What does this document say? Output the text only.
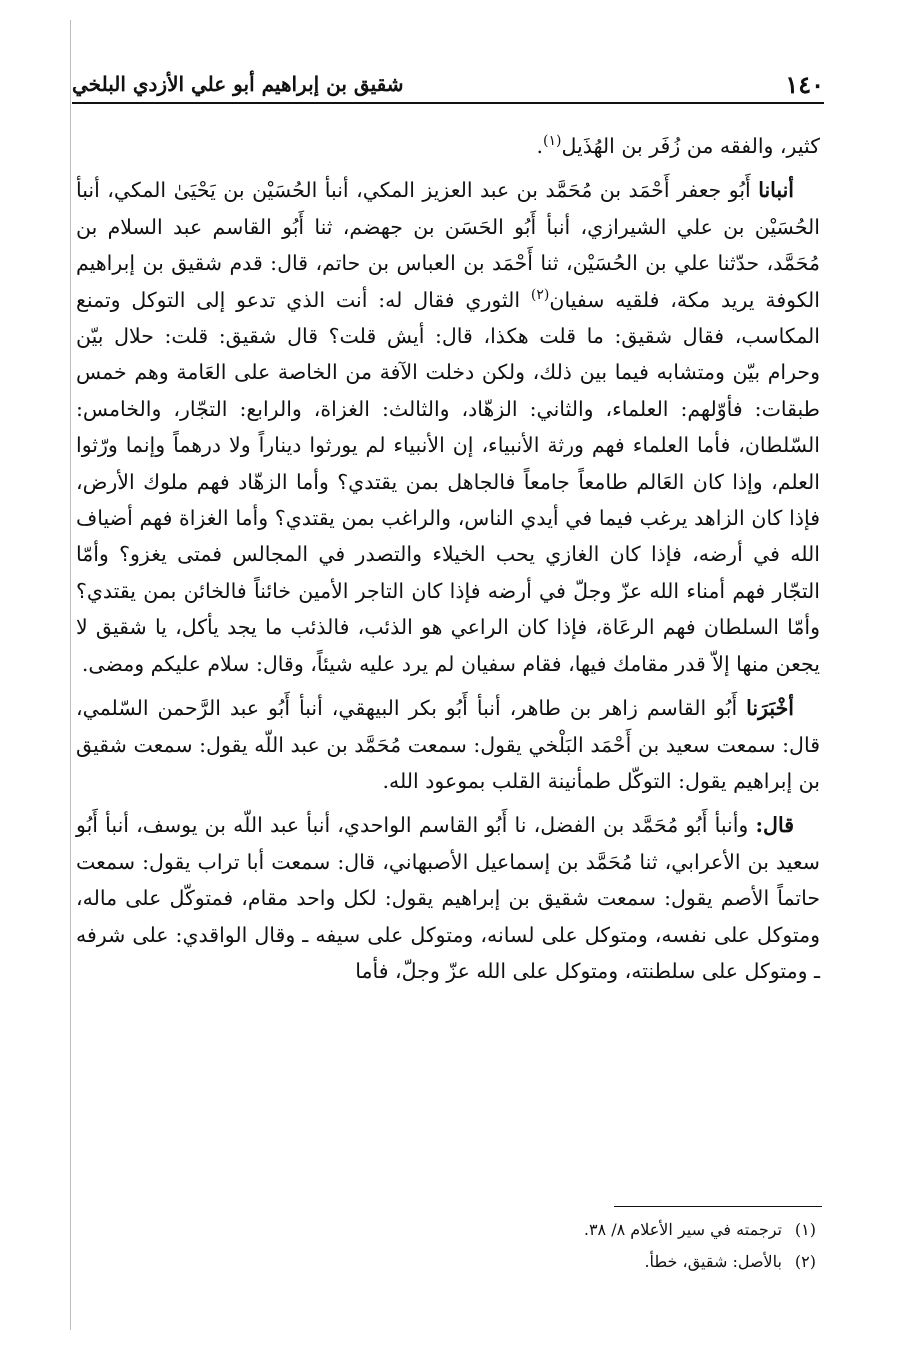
١٤٠
شقيق بن إبراهيم أبو علي الأزدي البلخي

كثير، والفقه من زُفَر بن الهُذَيل$^{(١)}$.

أنبانا أَبُو جعفر أَحْمَد بن مُحَمَّد بن عبد العزيز المكي، أنبأ الحُسَيْن بن يَحْيَىٰ المكي، أنبأ الحُسَيْن بن علي الشيرازي، أنبأ أَبُو الحَسَن بن جهضم، ثنا أَبُو القاسم عبد السلام بن مُحَمَّد، حدّثنا علي بن الحُسَيْن، ثنا أَحْمَد بن العباس بن حاتم، قال: قدم شقيق بن إبراهيم الكوفة يريد مكة، فلقيه سفيان$^{(٢)}$ الثوري فقال له: أنت الذي تدعو إلى التوكل وتمنع المكاسب، فقال شقيق: ما قلت هكذا، قال: أيش قلت؟ قال شقيق: قلت: حلال بيّن وحرام بيّن ومتشابه فيما بين ذلك، ولكن دخلت الآفة من الخاصة على العَامة وهم خمس طبقات: فأوّلهم: العلماء، والثاني: الزهّاد، والثالث: الغزاة، والرابع: التجّار، والخامس: السّلطان، فأما العلماء فهم ورثة الأنبياء، إن الأنبياء لم يورثوا ديناراً ولا درهماً وإنما ورّثوا العلم، وإذا كان العَالم طامعاً جامعاً فالجاهل بمن يقتدي؟ وأما الزهّاد فهم ملوك الأرض، فإذا كان الزاهد يرغب فيما في أيدي الناس، والراغب بمن يقتدي؟ وأما الغزاة فهم أضياف الله في أرضه، فإذا كان الغازي يحب الخيلاء والتصدر في المجالس فمتى يغزو؟ وأمّا التجّار فهم أمناء الله عزّ وجلّ في أرضه فإذا كان التاجر الأمين خائناً فالخائن بمن يقتدي؟ وأمّا السلطان فهم الرعَاة، فإذا كان الراعي هو الذئب، فالذئب ما يجد يأكل، يا شقيق لا يجعن منها إلاّ قدر مقامك فيها، فقام سفيان لم يرد عليه شيئاً، وقال: سلام عليكم ومضى.

أخْبَرَنا أَبُو القاسم زاهر بن طاهر، أنبأ أَبُو بكر البيهقي، أنبأ أَبُو عبد الرَّحمن السّلمي، قال: سمعت سعيد بن أَحْمَد البَلْخي يقول: سمعت مُحَمَّد بن عبد اللّه يقول: سمعت شقيق بن إبراهيم يقول: التوكّل طمأنينة القلب بموعود الله.

قال: وأنبأ أَبُو مُحَمَّد بن الفضل، نا أَبُو القاسم الواحدي، أنبأ عبد اللّه بن يوسف، أنبأ أَبُو سعيد بن الأعرابي، ثنا مُحَمَّد بن إسماعيل الأصبهاني، قال: سمعت أبا تراب يقول: سمعت حاتماً الأصم يقول: سمعت شقيق بن إبراهيم يقول: لكل واحد مقام، فمتوكّل على ماله، ومتوكل على نفسه، ومتوكل على لسانه، ومتوكل على سيفه ـ وقال الواقدي: على شرفه ـ ومتوكل على سلطنته، ومتوكل على الله عزّ وجلّ، فأما

(١)ترجمته في سير الأعلام ٨/ ٣٨.
(٢)بالأصل: شقيق، خطأ.
